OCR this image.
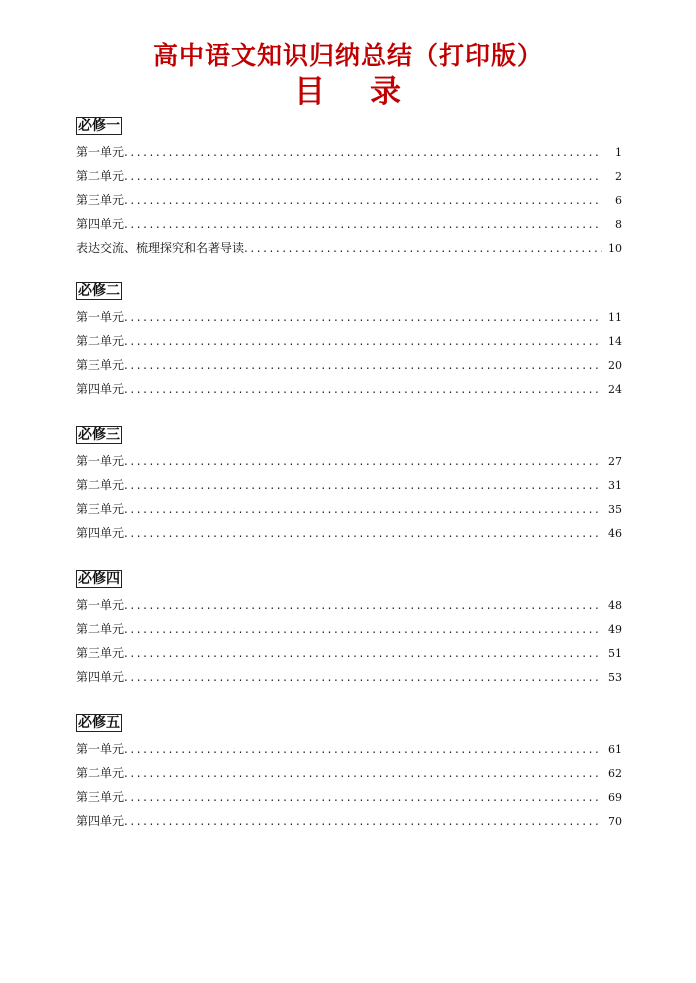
高中语文知识归纳总结（打印版）
目 录
必修一
第一单元 .....	1
第二单元 .....	2
第三单元 .....	6
第四单元 .....	8
表达交流、梳理探究和名著导读 .....	10
必修二
第一单元 .....	11
第二单元 .....	14
第三单元 .....	20
第四单元 .....	24
必修三
第一单元 .....	27
第二单元 .....	31
第三单元 .....	35
第四单元 .....	46
必修四
第一单元 .....	48
第二单元 .....	49
第三单元 .....	51
第四单元 .....	53
必修五
第一单元 .....	61
第二单元 .....	62
第三单元 .....	69
第四单元 .....	70
